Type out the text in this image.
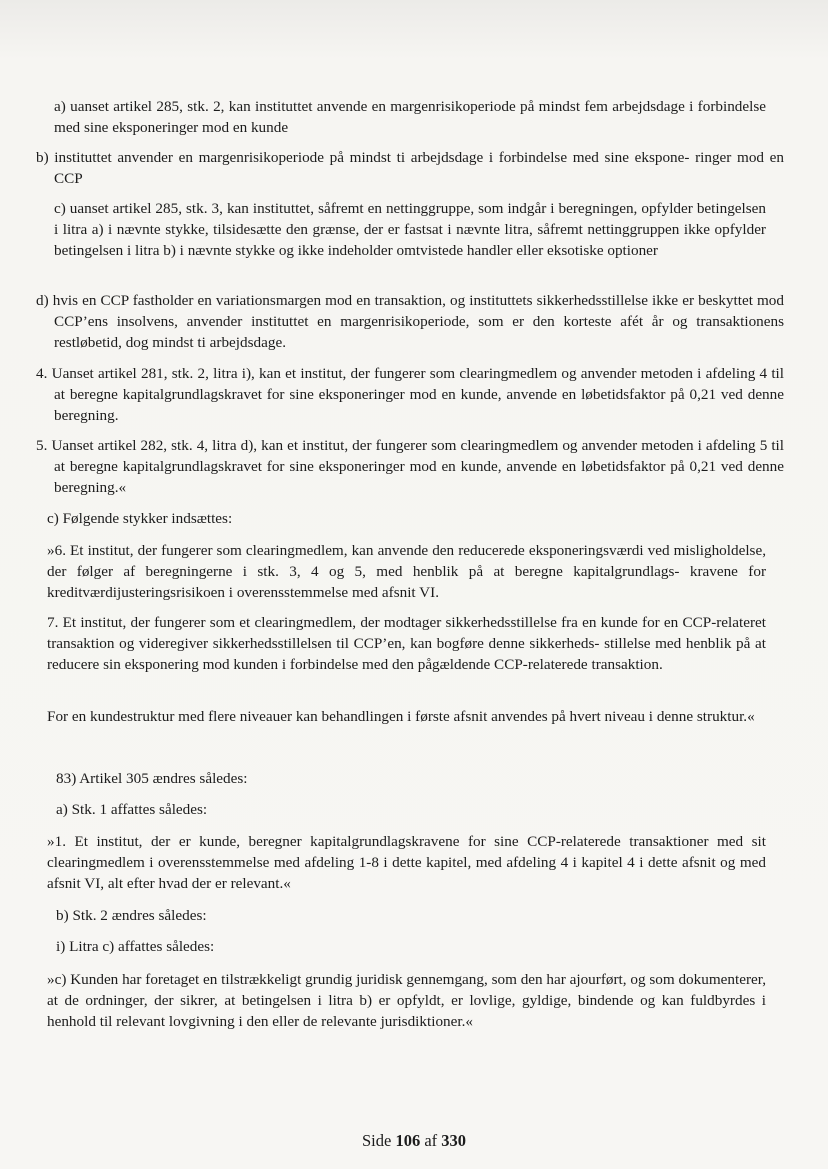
a) uanset artikel 285, stk. 2, kan instituttet anvende en margenrisikoperiode på mindst fem arbejdsdage i forbindelse med sine eksponeringer mod en kunde

b) instituttet anvender en margenrisikoperiode på mindst ti arbejdsdage i forbindelse med sine ekspone- ringer mod en CCP

c) uanset artikel 285, stk. 3, kan instituttet, såfremt en nettinggruppe, som indgår i beregningen, opfylder betingelsen i litra a) i nævnte stykke, tilsidesætte den grænse, der er fastsat i nævnte litra, såfremt nettinggruppen ikke opfylder betingelsen i litra b) i nævnte stykke og ikke indeholder omtvistede handler eller eksotiske optioner

d) hvis en CCP fastholder en variationsmargen mod en transaktion, og instituttets sikkerhedsstillelse ikke er beskyttet mod CCP’ens insolvens, anvender instituttet en margenrisikoperiode, som er den korteste afét år og transaktionens restløbetid, dog mindst ti arbejdsdage.

4. Uanset artikel 281, stk. 2, litra i), kan et institut, der fungerer som clearingmedlem og anvender metoden i afdeling 4 til at beregne kapitalgrundlagskravet for sine eksponeringer mod en kunde, anvende en løbetidsfaktor på 0,21 ved denne beregning.

5. Uanset artikel 282, stk. 4, litra d), kan et institut, der fungerer som clearingmedlem og anvender metoden i afdeling 5 til at beregne kapitalgrundlagskravet for sine eksponeringer mod en kunde, anvende en løbetidsfaktor på 0,21 ved denne beregning.«

c) Følgende stykker indsættes:

»6. Et institut, der fungerer som clearingmedlem, kan anvende den reducerede eksponeringsværdi ved misligholdelse, der følger af beregningerne i stk. 3, 4 og 5, med henblik på at beregne kapitalgrundlags- kravene for kreditværdijusteringsrisikoen i overensstemmelse med afsnit VI.

7. Et institut, der fungerer som et clearingmedlem, der modtager sikkerhedsstillelse fra en kunde for en CCP-relateret transaktion og videregiver sikkerhedsstillelsen til CCP’en, kan bogføre denne sikkerheds- stillelse med henblik på at reducere sin eksponering mod kunden i forbindelse med den pågældende CCP-relaterede transaktion.

For en kundestruktur med flere niveauer kan behandlingen i første afsnit anvendes på hvert niveau i denne struktur.«

83) Artikel 305 ændres således:

a) Stk. 1 affattes således:

»1. Et institut, der er kunde, beregner kapitalgrundlagskravene for sine CCP-relaterede transaktioner med sit clearingmedlem i overensstemmelse med afdeling 1-8 i dette kapitel, med afdeling 4 i kapitel 4 i dette afsnit og med afsnit VI, alt efter hvad der er relevant.«

b) Stk. 2 ændres således:

i) Litra c) affattes således:

»c) Kunden har foretaget en tilstrækkeligt grundig juridisk gennemgang, som den har ajourført, og som dokumenterer, at de ordninger, der sikrer, at betingelsen i litra b) er opfyldt, er lovlige, gyldige, bindende og kan fuldbyrdes i henhold til relevant lovgivning i den eller de relevante jurisdiktioner.«

Side 106 af 330
